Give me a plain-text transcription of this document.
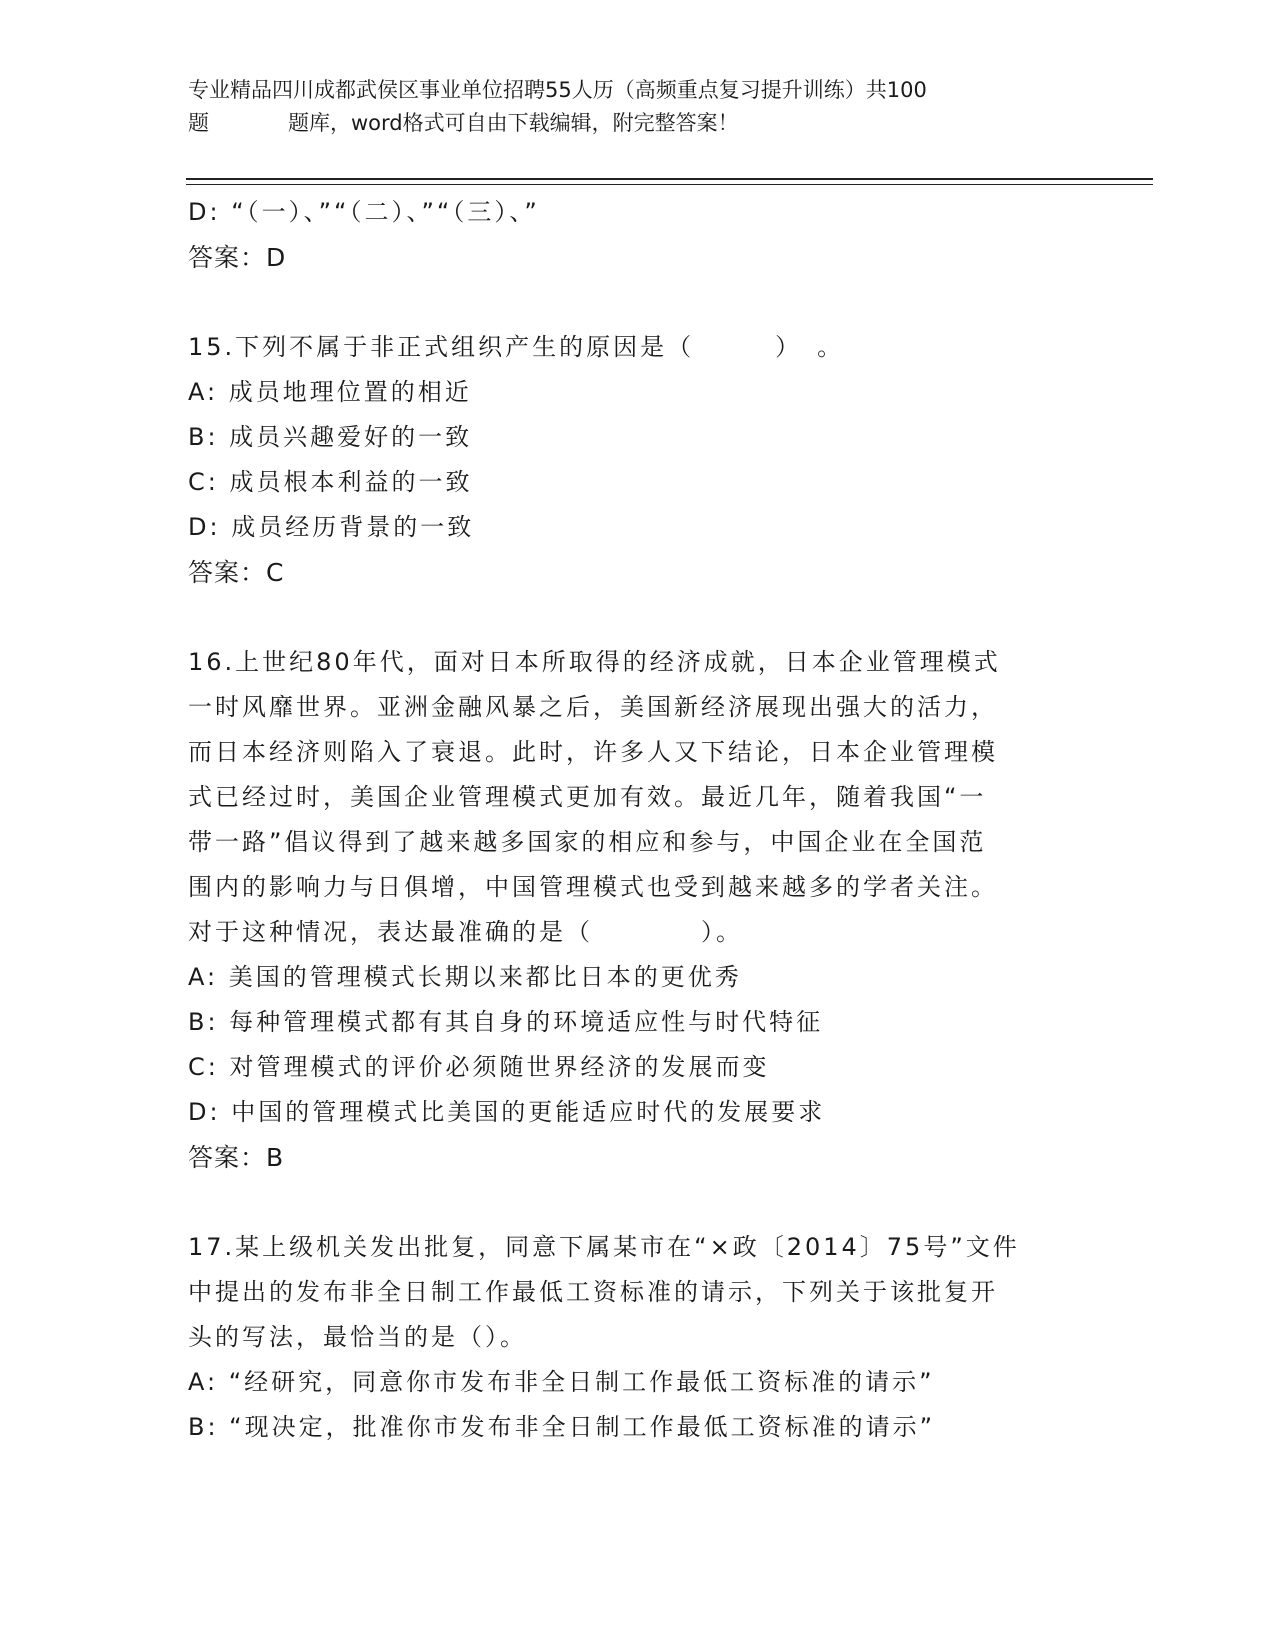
专业精品四川成都武侯区事业单位招聘55人历（高频重点复习提升训练）共100
题	题库，word格式可自由下载编辑，附完整答案！
D: “（一）、”“（二）、”“（三）、”
答案：D
15.下列不属于非正式组织产生的原因是（　　　）　。
A: 成员地理位置的相近
B: 成员兴趣爱好的一致
C: 成员根本利益的一致
D: 成员经历背景的一致
答案：C
16.上世纪80年代，面对日本所取得的经济成就，日本企业管理模式
一时风靡世界。亚洲金融风暴之后，美国新经济展现出强大的活力，
而日本经济则陷入了衰退。此时，许多人又下结论，日本企业管理模
式已经过时，美国企业管理模式更加有效。最近几年，随着我国“一
带一路”倡议得到了越来越多国家的相应和参与，中国企业在全国范
围内的影响力与日俱增，中国管理模式也受到越来越多的学者关注。
对于这种情况，表达最准确的是（　　　　）。
A: 美国的管理模式长期以来都比日本的更优秀
B: 每种管理模式都有其自身的环境适应性与时代特征
C: 对管理模式的评价必须随世界经济的发展而变
D: 中国的管理模式比美国的更能适应时代的发展要求
答案：B
17.某上级机关发出批复，同意下属某市在“×政〔2014〕75号”文件
中提出的发布非全日制工作最低工资标准的请示，下列关于该批复开
头的写法，最恰当的是（）。
A: “经研究，同意你市发布非全日制工作最低工资标准的请示”
B: “现决定，批准你市发布非全日制工作最低工资标准的请示”
